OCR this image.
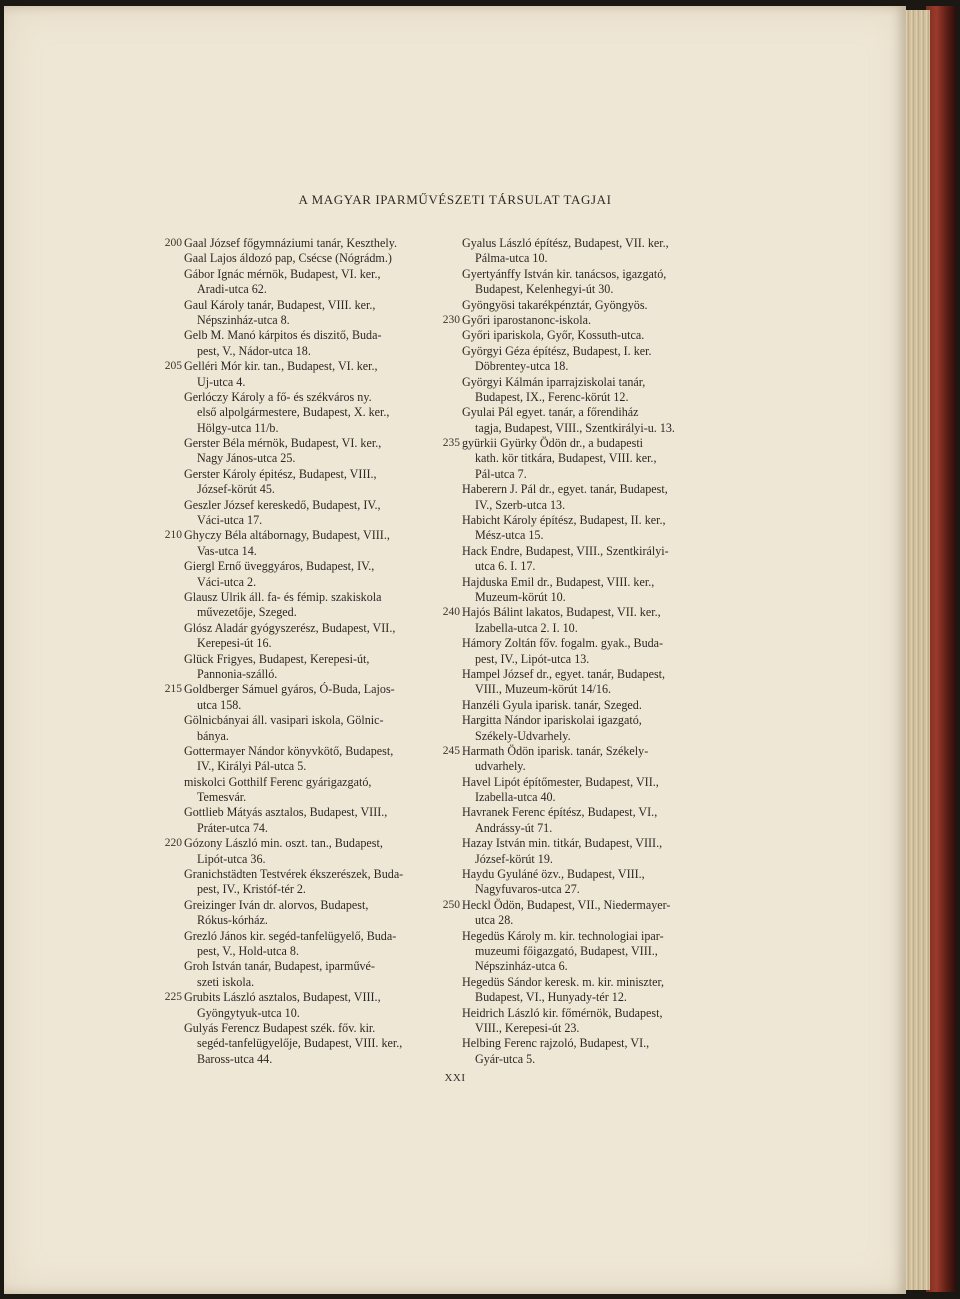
A MAGYAR IPARMŰVÉSZETI TÁRSULAT TAGJAI
200 Gaal József főgymnáziumi tanár, Keszthely.
Gaal Lajos áldozó pap, Csécse (Nógrádm.)
Gábor Ignác mérnök, Budapest, VI. ker.,
Aradi-utca 62.
Gaul Károly tanár, Budapest, VIII. ker.,
Népszinház-utca 8.
Gelb M. Manó kárpitos és diszitő, Buda-
pest, V., Nádor-utca 18.
205 Gelléri Mór kir. tan., Budapest, VI. ker.,
Uj-utca 4.
Gerlóczy Károly a fő- és székváros ny.
első alpolgármestere, Budapest, X. ker.,
Hölgy-utca 11/b.
Gerster Béla mérnök, Budapest, VI. ker.,
Nagy János-utca 25.
Gerster Károly épitész, Budapest, VIII.,
József-körút 45.
Geszler József kereskedő, Budapest, IV.,
Váci-utca 17.
210 Ghyczy Béla altábornagy, Budapest, VIII.,
Vas-utca 14.
Giergl Ernő üveggyáros, Budapest, IV.,
Váci-utca 2.
Glausz Ulrik áll. fa- és fémip. szakiskola
művezetője, Szeged.
Glósz Aladár gyógyszerész, Budapest, VII.,
Kerepesi-út 16.
Glück Frigyes, Budapest, Kerepesi-út,
Pannonia-szálló.
215 Goldberger Sámuel gyáros, Ó-Buda, Lajos-
utca 158.
Gölnicbányai áll. vasipari iskola, Gölnic-
bánya.
Gottermayer Nándor könyvkötő, Budapest,
IV., Királyi Pál-utca 5.
miskolci Gotthilf Ferenc gyárigazgató,
Temesvár.
Gottlieb Mátyás asztalos, Budapest, VIII.,
Práter-utca 74.
220 Gózony László min. oszt. tan., Budapest,
Lipót-utca 36.
Granichstädten Testvérek ékszerészek, Buda-
pest, IV., Kristóf-tér 2.
Greizinger Iván dr. alorvos, Budapest,
Rókus-kórház.
Grezló János kir. segéd-tanfelügyelő, Buda-
pest, V., Hold-utca 8.
Groh István tanár, Budapest, iparművé-
szeti iskola.
225 Grubits László asztalos, Budapest, VIII.,
Gyöngytyuk-utca 10.
Gulyás Ferencz Budapest szék. főv. kir.
segéd-tanfelügyelője, Budapest, VIII. ker.,
Baross-utca 44.
Gyalus László építész, Budapest, VII. ker.,
Pálma-utca 10.
Gyertyánffy István kir. tanácsos, igazgató,
Budapest, Kelenhegyi-út 30.
Gyöngyösi takarékpénztár, Gyöngyös.
230 Győri iparostanonc-iskola.
Győri ipariskola, Győr, Kossuth-utca.
Györgyi Géza építész, Budapest, I. ker.
Döbrentey-utca 18.
Györgyi Kálmán iparrajziskolai tanár,
Budapest, IX., Ferenc-körút 12.
Gyulai Pál egyet. tanár, a főrendiház
tagja, Budapest, VIII., Szentkirályi-u. 13.
235 gyürkii Gyürky Ödön dr., a budapesti
kath. kör titkára, Budapest, VIII. ker.,
Pál-utca 7.
Haberern J. Pál dr., egyet. tanár, Budapest,
IV., Szerb-utca 13.
Habicht Károly építész, Budapest, II. ker.,
Mész-utca 15.
Hack Endre, Budapest, VIII., Szentkirályi-
utca 6. I. 17.
Hajduska Emil dr., Budapest, VIII. ker.,
Muzeum-körút 10.
240 Hajós Bálint lakatos, Budapest, VII. ker.,
Izabella-utca 2. I. 10.
Hámory Zoltán főv. fogalm. gyak., Buda-
pest, IV., Lipót-utca 13.
Hampel József dr., egyet. tanár, Budapest,
VIII., Muzeum-körút 14/16.
Hanzéli Gyula iparisk. tanár, Szeged.
Hargitta Nándor ipariskolai igazgató,
Székely-Udvarhely.
245 Harmath Ödön iparisk. tanár, Székely-
udvarhely.
Havel Lipót építőmester, Budapest, VII.,
Izabella-utca 40.
Havranek Ferenc építész, Budapest, VI.,
Andrássy-út 71.
Hazay István min. titkár, Budapest, VIII.,
József-körút 19.
Haydu Gyuláné özv., Budapest, VIII.,
Nagyfuvaros-utca 27.
250 Heckl Ödön, Budapest, VII., Niedermayer-
utca 28.
Hegedüs Károly m. kir. technologiai ipar-
muzeumi főigazgató, Budapest, VIII.,
Népszinház-utca 6.
Hegedüs Sándor keresk. m. kir. miniszter,
Budapest, VI., Hunyady-tér 12.
Heidrich László kir. főmérnök, Budapest,
VIII., Kerepesi-út 23.
Helbing Ferenc rajzoló, Budapest, VI.,
Gyár-utca 5.
XXI
